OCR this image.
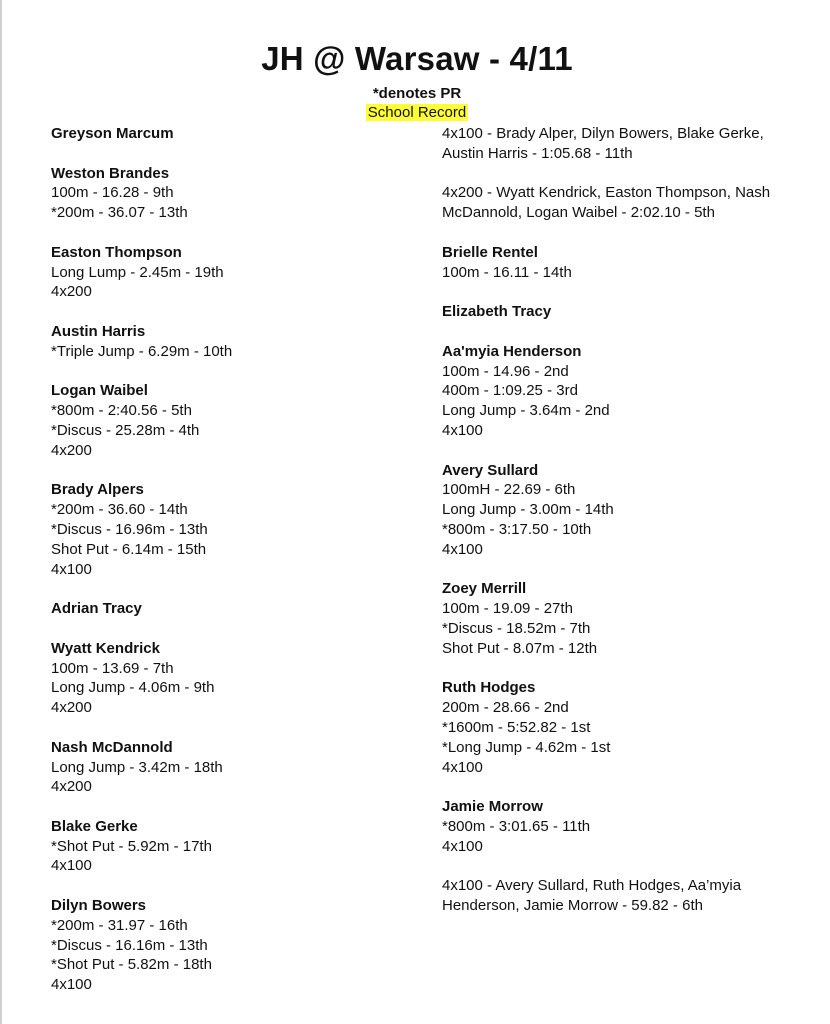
JH @ Warsaw - 4/11
*denotes PR
School Record
Greyson Marcum
Weston Brandes
100m - 16.28 - 9th
*200m - 36.07 - 13th
Easton Thompson
Long Lump - 2.45m - 19th
4x200
Austin Harris
*Triple Jump - 6.29m - 10th
Logan Waibel
*800m - 2:40.56 - 5th
*Discus - 25.28m - 4th
4x200
Brady Alpers
*200m - 36.60 - 14th
*Discus - 16.96m - 13th
Shot Put - 6.14m - 15th
4x100
Adrian Tracy
Wyatt Kendrick
100m - 13.69 - 7th
Long Jump - 4.06m - 9th
4x200
Nash McDannold
Long Jump - 3.42m - 18th
4x200
Blake Gerke
*Shot Put - 5.92m - 17th
4x100
Dilyn Bowers
*200m - 31.97 - 16th
*Discus - 16.16m - 13th
*Shot Put - 5.82m - 18th
4x100
4x100 - Brady Alper, Dilyn Bowers, Blake Gerke,
Austin Harris - 1:05.68 - 11th
4x200 - Wyatt Kendrick, Easton Thompson, Nash
McDannold, Logan Waibel - 2:02.10 - 5th
Brielle Rentel
100m - 16.11 - 14th
Elizabeth Tracy
Aa'myia Henderson
100m - 14.96 - 2nd
400m - 1:09.25 - 3rd
Long Jump - 3.64m - 2nd
4x100
Avery Sullard
100mH - 22.69 - 6th
Long Jump - 3.00m - 14th
*800m - 3:17.50 - 10th
4x100
Zoey Merrill
100m - 19.09 - 27th
*Discus - 18.52m - 7th
Shot Put - 8.07m - 12th
Ruth Hodges
200m - 28.66 - 2nd
*1600m - 5:52.82 - 1st
*Long Jump - 4.62m - 1st
4x100
Jamie Morrow
*800m - 3:01.65 - 11th
4x100
4x100 - Avery Sullard, Ruth Hodges, Aa’myia
Henderson, Jamie Morrow - 59.82 - 6th
